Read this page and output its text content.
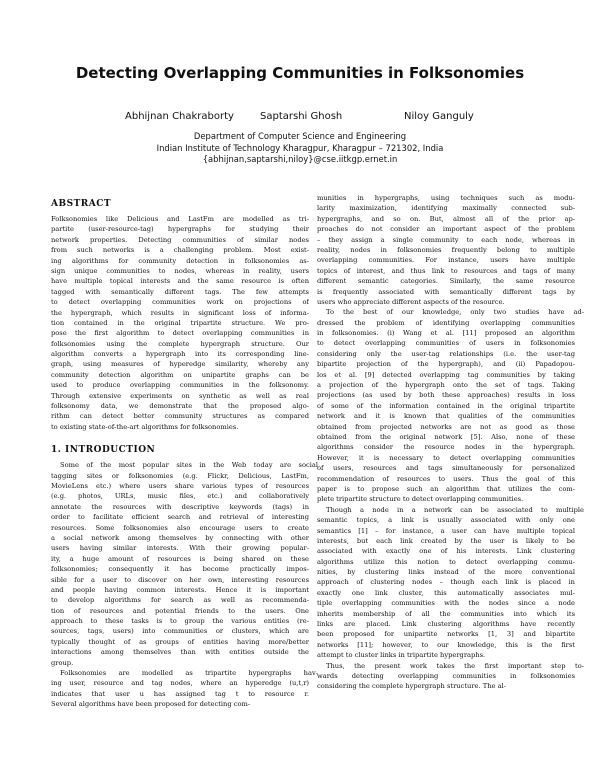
Detecting Overlapping Communities in Folksonomies
Abhijnan Chakraborty	Saptarshi Ghosh	Niloy Ganguly
Department of Computer Science and Engineering
Indian Institute of Technology Kharagpur, Kharagpur – 721302, India
{abhijnan,saptarshi,niloy}@cse.iitkgp.ernet.in
ABSTRACT
Folksonomies like Delicious and LastFm are modelled as tri-
partite (user-resource-tag) hypergraphs for studying their
network properties. Detecting communities of similar nodes
from such networks is a challenging problem. Most exist-
ing algorithms for community detection in folksonomies as-
sign unique communities to nodes, whereas in reality, users
have multiple topical interests and the same resource is often
tagged with semantically different tags. The few attempts
to detect overlapping communities work on projections of
the hypergraph, which results in significant loss of informa-
tion contained in the original tripartite structure. We pro-
pose the first algorithm to detect overlapping communities in
folksonomies using the complete hypergraph structure. Our
algorithm converts a hypergraph into its corresponding line-
graph, using measures of hyperedge similarity, whereby any
community detection algorithm on unipartite graphs can be
used to produce overlapping communities in the folksonomy.
Through extensive experiments on synthetic as well as real
folksonomy data, we demonstrate that the proposed algo-
rithm can detect better community structures as compared
to existing state-of-the-art algorithms for folksonomies.
1. INTRODUCTION
Some of the most popular sites in the Web today are social
tagging sites or folksonomies (e.g. Flickr, Delicious, LastFm,
MovieLens etc.) where users share various types of resources
(e.g. photos, URLs, music files, etc.) and collaboratively
annotate the resources with descriptive keywords (tags) in
order to facilitate efficient search and retrieval of interesting
resources. Some folksonomies also encourage users to create
a social network among themselves by connecting with other
users having similar interests. With their growing popular-
ity, a huge amount of resources is being shared on these
folksonomies; consequently it has become practically impos-
sible for a user to discover on her own, interesting resources
and people having common interests. Hence it is important
to develop algorithms for search as well as recommenda-
tion of resources and potential friends to the users. One
approach to these tasks is to group the various entities (re-
sources, tags, users) into communities or clusters, which are
typically thought of as groups of entities having more/better
interactions among themselves than with entities outside the
group.
Folksonomies are modelled as tripartite hypergraphs hav-
ing user, resource and tag nodes, where an hyperedge (u,t,r)
indicates that user u has assigned tag t to resource r.
Several algorithms have been proposed for detecting com-
munities in hypergraphs, using techniques such as modu-
larity maximization, identifying maximally connected sub-
hypergraphs, and so on. But, almost all of the prior ap-
proaches do not consider an important aspect of the problem
– they assign a single community to each node, whereas in
reality, nodes in folksonomies frequently belong to multiple
overlapping communities. For instance, users have multiple
topics of interest, and thus link to resources and tags of many
different semantic categories. Similarly, the same resource
is frequently associated with semantically different tags by
users who appreciate different aspects of the resource.
To the best of our knowledge, only two studies have ad-
dressed the problem of identifying overlapping communities
in folksonomies. (i) Wang et al. [11] proposed an algorithm
to detect overlapping communities of users in folksonomies
considering only the user-tag relationships (i.e. the user-tag
bipartite projection of the hypergraph), and (ii) Papadopou-
los et al. [9] detected overlapping tag communities by taking
a projection of the hypergraph onto the set of tags. Taking
projections (as used by both these approaches) results in loss
of some of the information contained in the original tripartite
network and it is known that qualities of the communities
obtained from projected networks are not as good as those
obtained from the original network [5]. Also, none of these
algorithms consider the resource nodes in the hypergraph.
However, it is necessary to detect overlapping communities
of users, resources and tags simultaneously for personalized
recommendation of resources to users. Thus the goal of this
paper is to propose such an algorithm that utilizes the com-
plete tripartite structure to detect overlapping communities.
Though a node in a network can be associated to multiple
semantic topics, a link is usually associated with only one
semantics [1] – for instance, a user can have multiple topical
interests, but each link created by the user is likely to be
associated with exactly one of his interests. Link clustering
algorithms utilize this notion to detect overlapping commu-
nities, by clustering links instead of the more conventional
approach of clustering nodes – though each link is placed in
exactly one link cluster, this automatically associates mul-
tiple overlapping communities with the nodes since a node
inherits membership of all the communities into which its
links are placed. Link clustering algorithms have recently
been proposed for unipartite networks [1, 3] and bipartite
networks [11]; however, to our knowledge, this is the first
attempt to cluster links in tripartite hypergraphs.
Thus, the present work takes the first important step to-
wards detecting overlapping communities in folksonomies
considering the complete hypergraph structure. The al-
